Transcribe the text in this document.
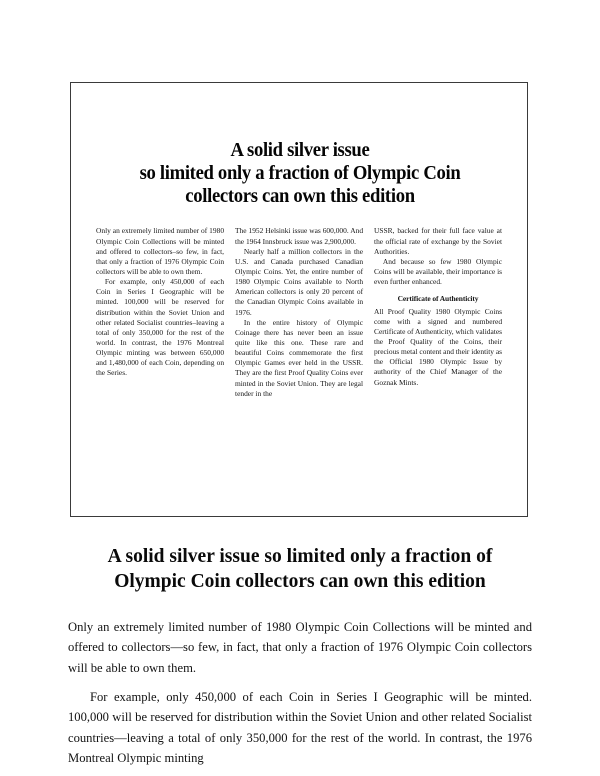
A solid silver issue
so limited only a fraction of Olympic Coin
collectors can own this edition

Only an extremely limited number of 1980 Olympic Coin Collections will be minted and offered to collectors–so few, in fact, that only a fraction of 1976 Olympic Coin collectors will be able to own them.

For example, only 450,000 of each Coin in Series I Geographic will be minted. 100,000 will be reserved for distribution within the Soviet Union and other related Socialist countries–leaving a total of only 350,000 for the rest of the world. In contrast, the 1976 Montreal Olympic minting was between 650,000 and 1,480,000 of each Coin, depending on the Series.

The 1952 Helsinki issue was 600,000. And the 1964 Innsbruck issue was 2,900,000.

Nearly half a million collectors in the U.S. and Canada purchased Canadian Olympic Coins. Yet, the entire number of 1980 Olympic Coins available to North American collectors is only 20 percent of the Canadian Olympic Coins available in 1976.

In the entire history of Olympic Coinage there has never been an issue quite like this one. These rare and beautiful Coins commemorate the first Olympic Games ever held in the USSR. They are the first Proof Quality Coins ever minted in the Soviet Union. They are legal tender in the

USSR, backed for their full face value at the official rate of exchange by the Soviet Authorities.

And because so few 1980 Olympic Coins will be available, their importance is even further enhanced.

Certificate of Authenticity

All Proof Quality 1980 Olympic Coins come with a signed and numbered Certificate of Authenticity, which validates the Proof Quality of the Coins, their precious metal content and their identity as the Official 1980 Olympic Issue by authority of the Chief Manager of the Goznak Mints.

A solid silver issue so limited only a fraction of
Olympic Coin collectors can own this edition

Only an extremely limited number of 1980 Olympic Coin Collections will be minted and offered to collectors—so few, in fact, that only a fraction of 1976 Olympic Coin collectors will be able to own them.

For example, only 450,000 of each Coin in Series I Geographic will be minted. 100,000 will be reserved for distribution within the Soviet Union and other related Socialist countries—leaving a total of only 350,000 for the rest of the world. In contrast, the 1976 Montreal Olympic minting
